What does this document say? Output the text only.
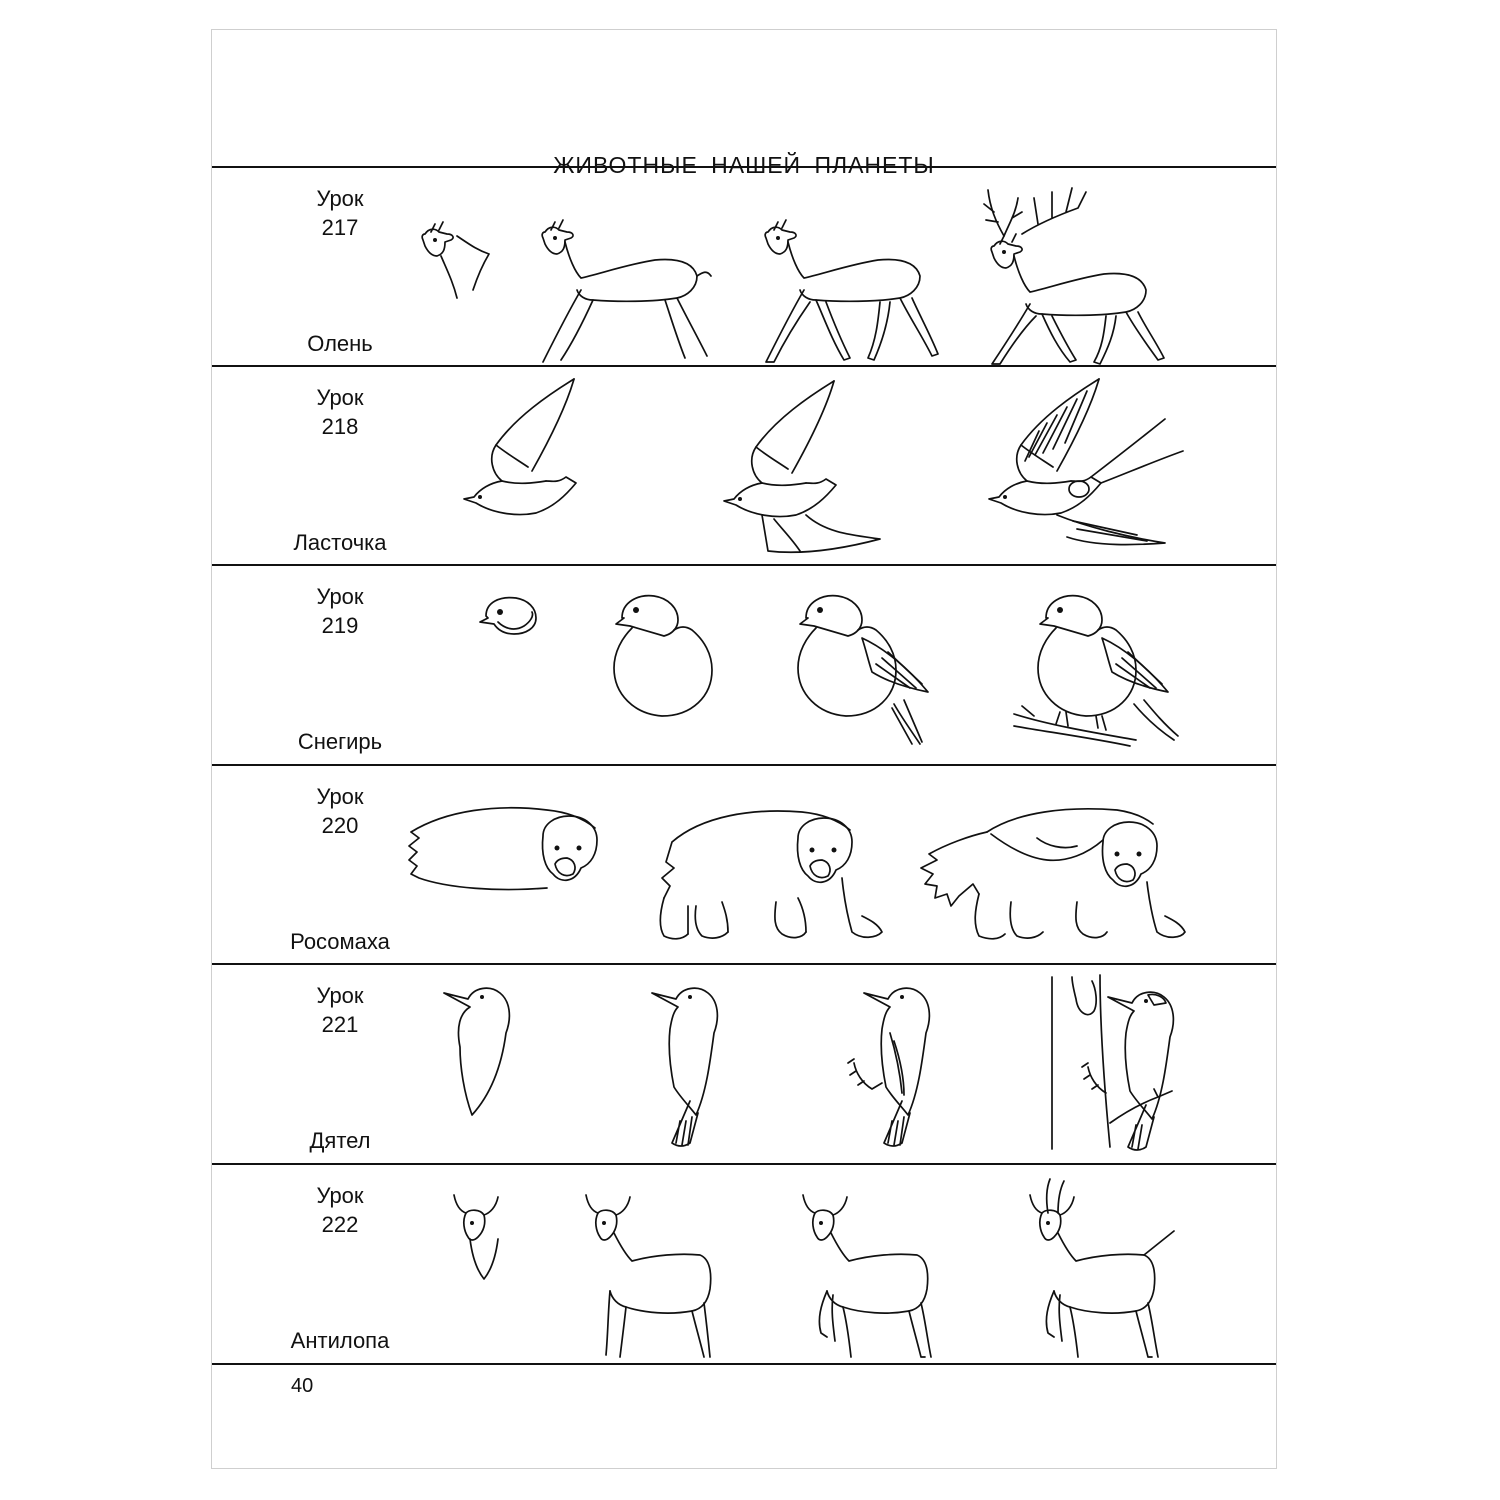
ЖИВОТНЫЕ НАШЕЙ ПЛАНЕТЫ
Урок
217
Олень
Урок
218
Ласточка
Урок
219
Снегирь
Урок
220
Росомаха
Урок
221
Дятел
Урок
222
Антилопа
40
